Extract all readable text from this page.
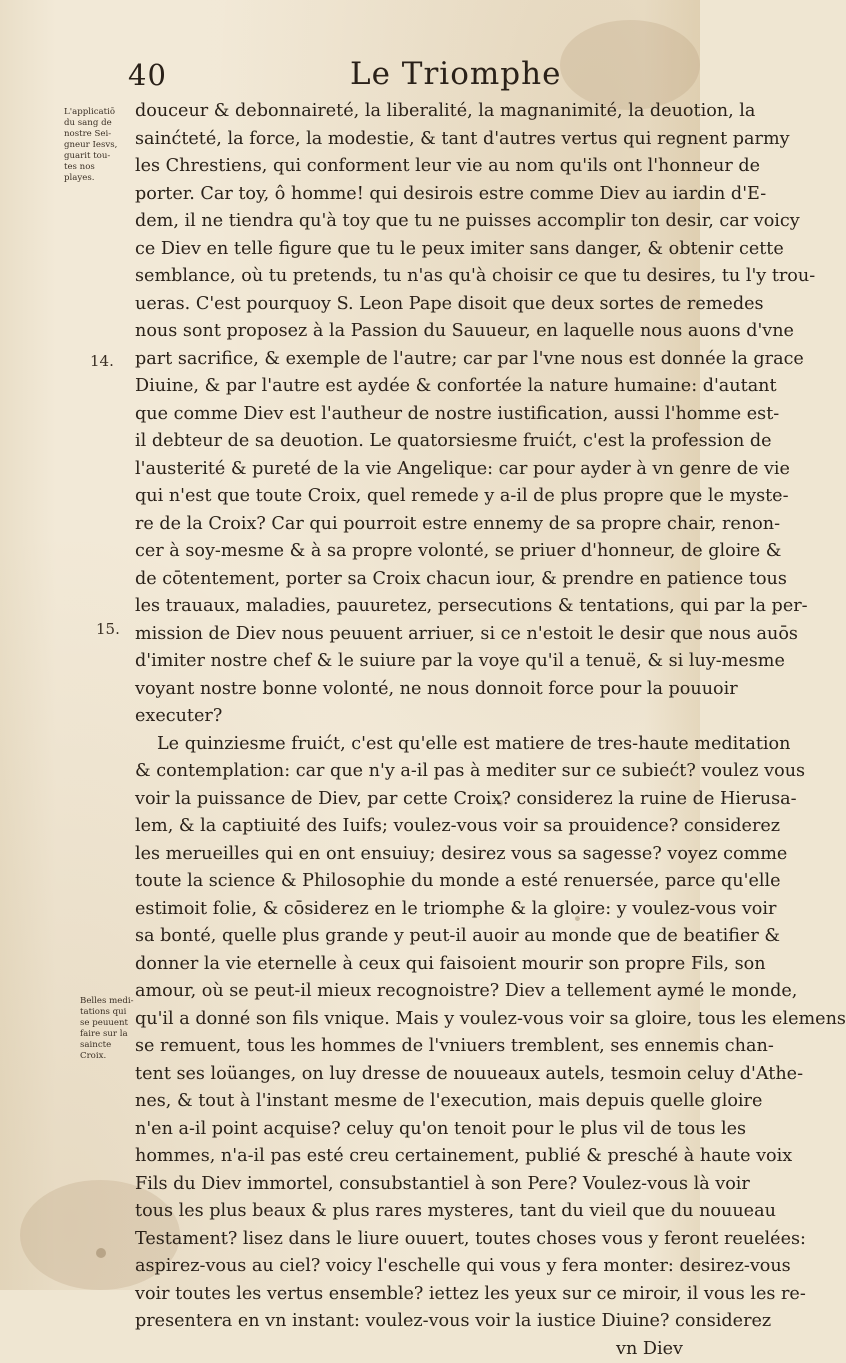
40	Le Triomphe
L'applicatiō
du sang de
nostre Sei-
gneur Iesvs,
guarit tou-
tes nos
playes.
14.
15.
Belles medi-
tations qui
se peuuent
faire sur la
saincte
Croix.
douceur & debonnaireté, la liberalité, la magnanimité, la deuotion, la
sainćteté, la force, la modestie, & tant d'autres vertus qui regnent parmy
les Chrestiens, qui conforment leur vie au nom qu'ils ont l'honneur de
porter. Car toy, ô homme! qui desirois estre comme Diev au iardin d'E-
dem, il ne tiendra qu'à toy que tu ne puisses accomplir ton desir, car voicy
ce Diev en telle figure que tu le peux imiter sans danger, & obtenir cette
semblance, où tu pretends, tu n'as qu'à choisir ce que tu desires, tu l'y trou-
ueras. C'est pourquoy S. Leon Pape disoit que deux sortes de remedes
nous sont proposez à la Passion du Sauueur, en laquelle nous auons d'vne
part sacrifice, & exemple de l'autre; car par l'vne nous est donnée la grace
Diuine, & par l'autre est aydée & confortée la nature humaine: d'autant
que comme Diev est l'autheur de nostre iustification, aussi l'homme est-
il debteur de sa deuotion. Le quatorsiesme fruićt, c'est la profession de
l'austerité & pureté de la vie Angelique: car pour ayder à vn genre de vie
qui n'est que toute Croix, quel remede y a-il de plus propre que le myste-
re de la Croix? Car qui pourroit estre ennemy de sa propre chair, renon-
cer à soy-mesme & à sa propre volonté, se priuer d'honneur, de gloire &
de cōtentement, porter sa Croix chacun iour, & prendre en patience tous
les trauaux, maladies, pauuretez, persecutions & tentations, qui par la per-
mission de Diev nous peuuent arriuer, si ce n'estoit le desir que nous auōs
d'imiter nostre chef & le suiure par la voye qu'il a tenuë, & si luy-mesme
voyant nostre bonne volonté, ne nous donnoit force pour la pouuoir
executer?
Le quinziesme fruićt, c'est qu'elle est matiere de tres-haute meditation
& contemplation: car que n'y a-il pas à mediter sur ce subiećt? voulez vous
voir la puissance de Diev, par cette Croix? considerez la ruine de Hierusa-
lem, & la captiuité des Iuifs; voulez-vous voir sa prouidence? considerez
les merueilles qui en ont ensuiuy; desirez vous sa sagesse? voyez comme
toute la science & Philosophie du monde a esté renuersée, parce qu'elle
estimoit folie, & cōsiderez en le triomphe & la gloire: y voulez-vous voir
sa bonté, quelle plus grande y peut-il auoir au monde que de beatifier &
donner la vie eternelle à ceux qui faisoient mourir son propre Fils, son
amour, où se peut-il mieux recognoistre? Diev a tellement aymé le monde,
qu'il a donné son fils vnique. Mais y voulez-vous voir sa gloire, tous les elemens
se remuent, tous les hommes de l'vniuers tremblent, ses ennemis chan-
tent ses loüanges, on luy dresse de nouueaux autels, tesmoin celuy d'Athe-
nes, & tout à l'instant mesme de l'execution, mais depuis quelle gloire
n'en a-il point acquise? celuy qu'on tenoit pour le plus vil de tous les
hommes, n'a-il pas esté creu certainement, publié & presché à haute voix
Fils du Diev immortel, consubstantiel à son Pere? Voulez-vous là voir
tous les plus beaux & plus rares mysteres, tant du vieil que du nouueau
Testament? lisez dans le liure ouuert, toutes choses vous y feront reuelées:
aspirez-vous au ciel? voicy l'eschelle qui vous y fera monter: desirez-vous
voir toutes les vertus ensemble? iettez les yeux sur ce miroir, il vous les re-
presentera en vn instant: voulez-vous voir la iustice Diuine? considerez
vn Diev
